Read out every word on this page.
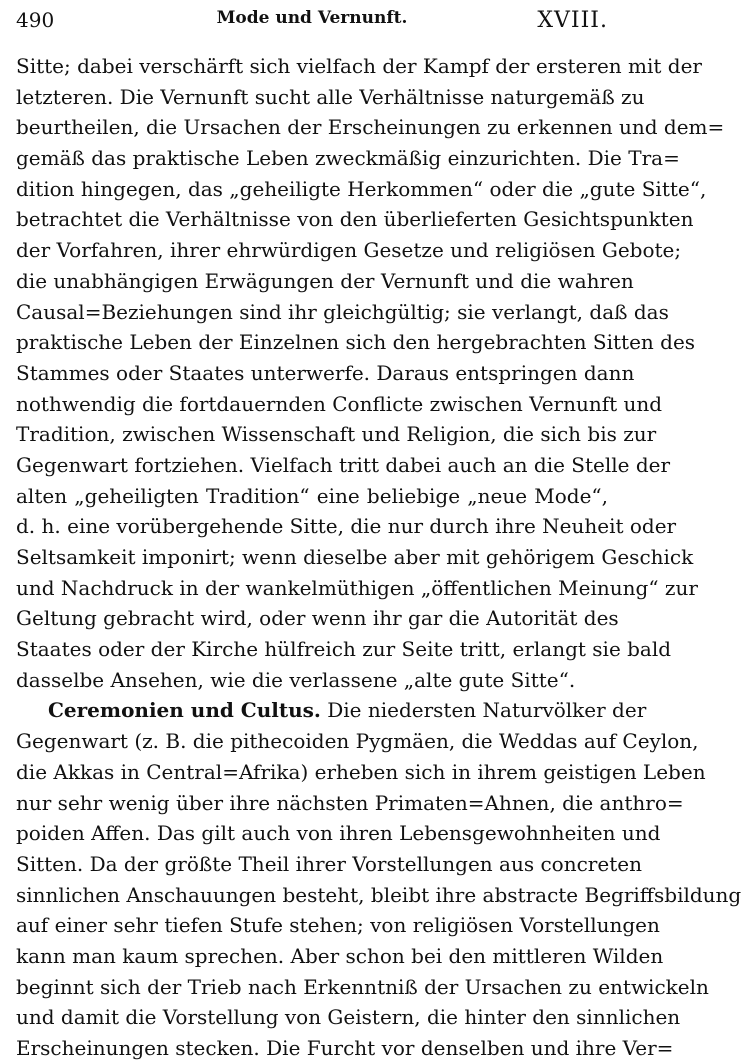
490	Mode und Vernunft.	XVIII.
Sitte; dabei verschärft sich vielfach der Kampf der ersteren mit der
letzteren. Die Vernunft sucht alle Verhältnisse naturgemäß zu
beurtheilen, die Ursachen der Erscheinungen zu erkennen und dem=
gemäß das praktische Leben zweckmäßig einzurichten. Die Tra=
dition hingegen, das „geheiligte Herkommen“ oder die „gute Sitte“,
betrachtet die Verhältnisse von den überlieferten Gesichtspunkten
der Vorfahren, ihrer ehrwürdigen Gesetze und religiösen Gebote;
die unabhängigen Erwägungen der Vernunft und die wahren
Causal=Beziehungen sind ihr gleichgültig; sie verlangt, daß das
praktische Leben der Einzelnen sich den hergebrachten Sitten des
Stammes oder Staates unterwerfe. Daraus entspringen dann
nothwendig die fortdauernden Conflicte zwischen Vernunft und
Tradition, zwischen Wissenschaft und Religion, die sich bis zur
Gegenwart fortziehen. Vielfach tritt dabei auch an die Stelle der
alten „geheiligten Tradition“ eine beliebige „neue Mode“,
d. h. eine vorübergehende Sitte, die nur durch ihre Neuheit oder
Seltsamkeit imponirt; wenn dieselbe aber mit gehörigem Geschick
und Nachdruck in der wankelmüthigen „öffentlichen Meinung“ zur
Geltung gebracht wird, oder wenn ihr gar die Autorität des
Staates oder der Kirche hülfreich zur Seite tritt, erlangt sie bald
dasselbe Ansehen, wie die verlassene „alte gute Sitte“.
Ceremonien und Cultus. Die niedersten Naturvölker der
Gegenwart (z. B. die pithecoiden Pygmäen, die Weddas auf Ceylon,
die Akkas in Central=Afrika) erheben sich in ihrem geistigen Leben
nur sehr wenig über ihre nächsten Primaten=Ahnen, die anthro=
poiden Affen. Das gilt auch von ihren Lebensgewohnheiten und
Sitten. Da der größte Theil ihrer Vorstellungen aus concreten
sinnlichen Anschauungen besteht, bleibt ihre abstracte Begriffsbildung
auf einer sehr tiefen Stufe stehen; von religiösen Vorstellungen
kann man kaum sprechen. Aber schon bei den mittleren Wilden
beginnt sich der Trieb nach Erkenntniß der Ursachen zu entwickeln
und damit die Vorstellung von Geistern, die hinter den sinnlichen
Erscheinungen stecken. Die Furcht vor denselben und ihre Ver=
